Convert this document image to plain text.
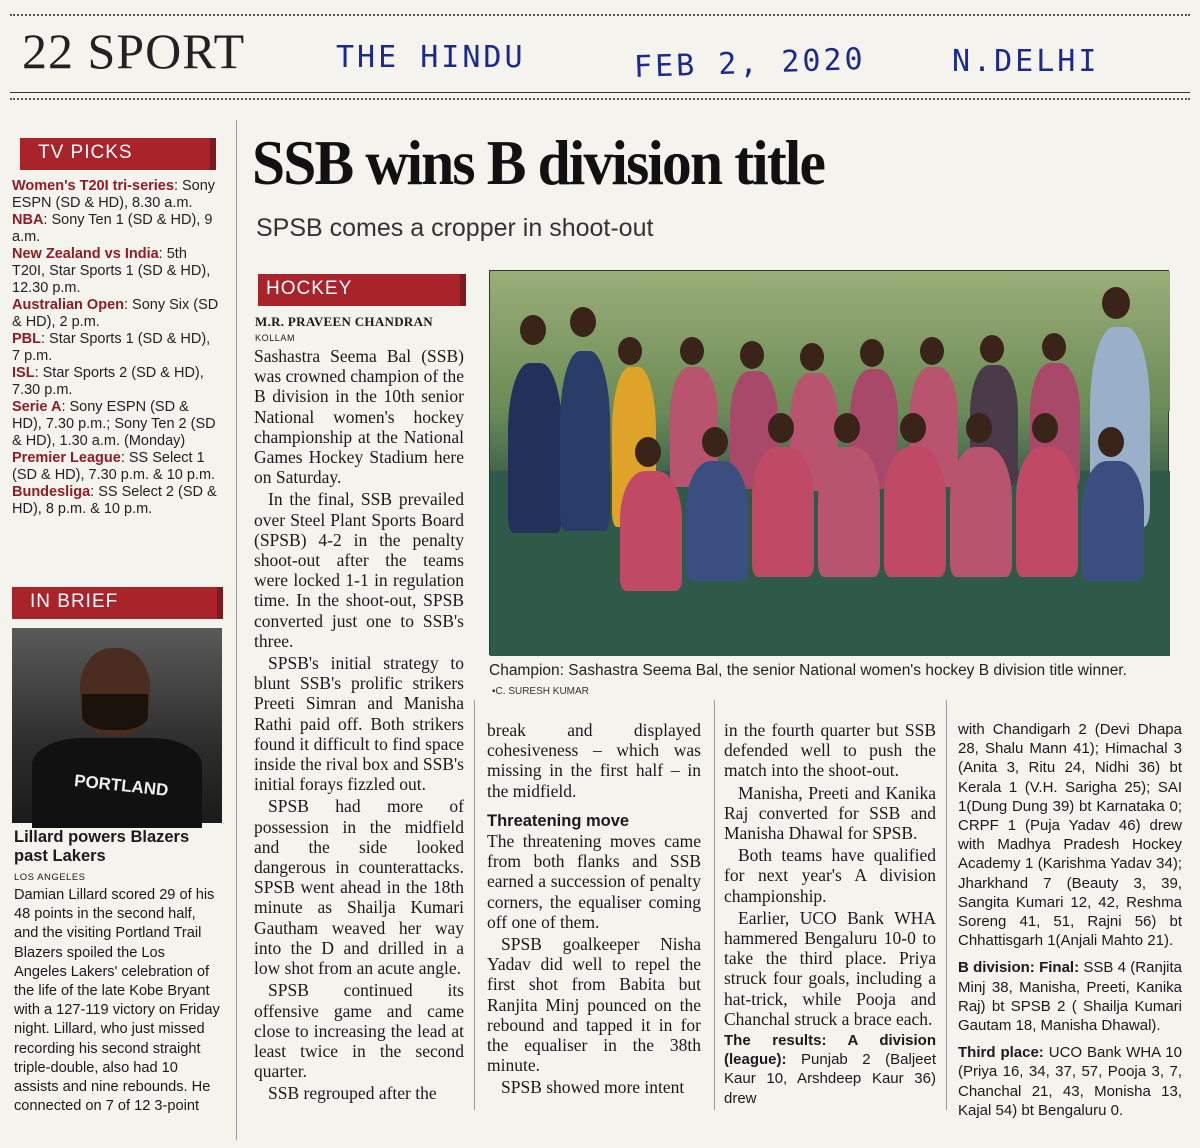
22 SPORT	THE HINDU	FEB 2, 2020	N.DELHI
TV PICKS

Women's T20I tri-series: Sony ESPN (SD & HD), 8.30 a.m.

NBA: Sony Ten 1 (SD & HD), 9 a.m.

New Zealand vs India: 5th T20I, Star Sports 1 (SD & HD), 12.30 p.m.

Australian Open: Sony Six (SD & HD), 2 p.m.

PBL: Star Sports 1 (SD & HD), 7 p.m.

ISL: Star Sports 2 (SD & HD), 7.30 p.m.

Serie A: Sony ESPN (SD & HD), 7.30 p.m.; Sony Ten 2 (SD & HD), 1.30 a.m. (Monday)

Premier League: SS Select 1 (SD & HD), 7.30 p.m. & 10 p.m.

Bundesliga: SS Select 2 (SD & HD), 8 p.m. & 10 p.m.

IN BRIEF
PORTLAND
Lillard powers Blazers past Lakers
LOS ANGELES
Damian Lillard scored 29 of his 48 points in the second half, and the visiting Portland Trail Blazers spoiled the Los Angeles Lakers' celebration of the life of the late Kobe Bryant with a 127-119 victory on Friday night. Lillard, who just missed recording his second straight triple-double, also had 10 assists and nine rebounds. He connected on 7 of 12 3-point
SSB wins B division title
SPSB comes a cropper in shoot-out
HOCKEY
M.R. PRAVEEN CHANDRAN
KOLLAM

Sashastra Seema Bal (SSB) was crowned champion of the B division in the 10th senior National women's hockey championship at the National Games Hockey Stadium here on Saturday.

In the final, SSB prevailed over Steel Plant Sports Board (SPSB) 4-2 in the penalty shoot-out after the teams were locked 1-1 in regulation time. In the shoot-out, SPSB converted just one to SSB's three.

SPSB's initial strategy to blunt SSB's prolific strikers Preeti Simran and Manisha Rathi paid off. Both strikers found it difficult to find space inside the rival box and SSB's initial forays fizzled out.

SPSB had more of possession in the midfield and the side looked dangerous in counterattacks. SPSB went ahead in the 18th minute as Shailja Kumari Gautham weaved her way into the D and drilled in a low shot from an acute angle.

SPSB continued its offensive game and came close to increasing the lead at least twice in the second quarter.

SSB regrouped after the

Champion: Sashastra Seema Bal, the senior National women's hockey B division title winner.
▪C. SURESH KUMAR

break and displayed cohesiveness – which was missing in the first half – in the midfield.

Threatening move

The threatening moves came from both flanks and SSB earned a succession of penalty corners, the equaliser coming off one of them.

SPSB goalkeeper Nisha Yadav did well to repel the first shot from Babita but Ranjita Minj pounced on the rebound and tapped it in for the equaliser in the 38th minute.

SPSB showed more intent

in the fourth quarter but SSB defended well to push the match into the shoot-out.

Manisha, Preeti and Kanika Raj converted for SSB and Manisha Dhawal for SPSB.

Both teams have qualified for next year's A division championship.

Earlier, UCO Bank WHA hammered Bengaluru 10-0 to take the third place. Priya struck four goals, including a hat-trick, while Pooja and Chanchal struck a brace each.

The results: A division (league): Punjab 2 (Baljeet Kaur 10, Arshdeep Kaur 36) drew
with Chandigarh 2 (Devi Dhapa 28, Shalu Mann 41); Himachal 3 (Anita 3, Ritu 24, Nidhi 36) bt Kerala 1 (V.H. Sarigha 25); SAI 1(Dung Dung 39) bt Karnataka 0; CRPF 1 (Puja Yadav 46) drew with Madhya Pradesh Hockey Academy 1 (Karishma Yadav 34); Jharkhand 7 (Beauty 3, 39, Sangita Kumari 12, 42, Reshma Soreng 41, 51, Rajni 56) bt Chhattisgarh 1(Anjali Mahto 21).
B division: Final: SSB 4 (Ranjita Minj 38, Manisha, Preeti, Kanika Raj) bt SPSB 2 ( Shailja Kumari Gautam 18, Manisha Dhawal).
Third place: UCO Bank WHA 10 (Priya 16, 34, 37, 57, Pooja 3, 7, Chanchal 21, 43, Monisha 13, Kajal 54) bt Bengaluru 0.
